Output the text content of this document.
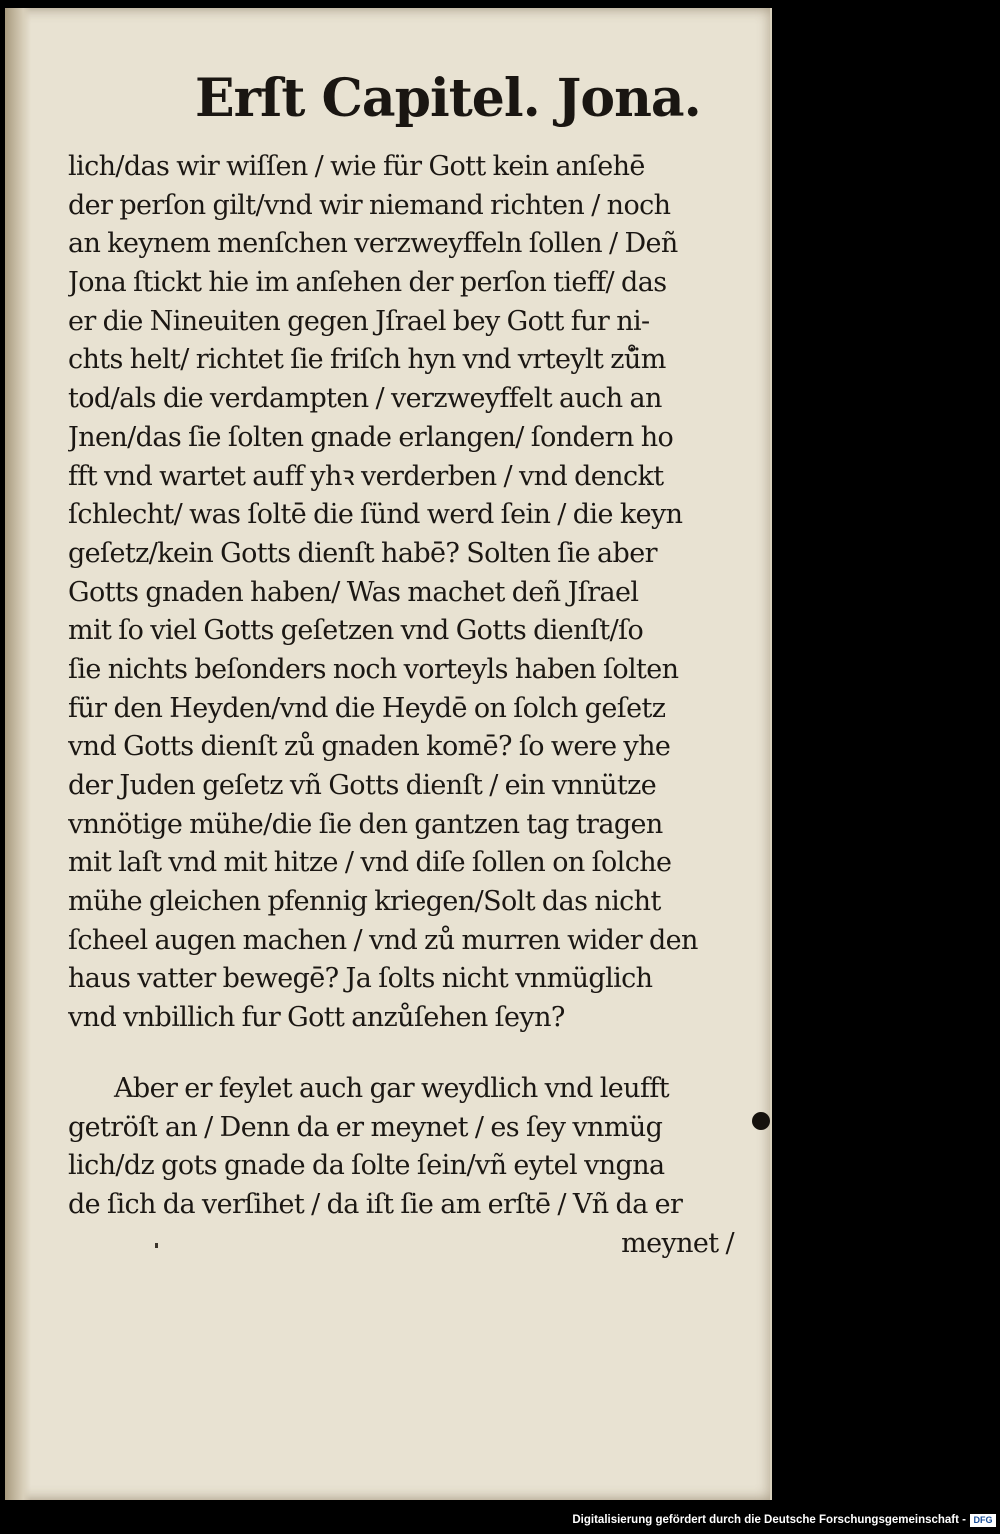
Erſt Capitel. Jona.
lich/das wir wiſſen / wie für Gott kein anſehē
der perſon gilt/vnd wir niemand richten / noch
an keynem menſchen verzweyffeln ſollen / Deñ
Jona ſtickt hie im anſehen der perſon tieff/ das
er die Nineuiten gegen Jſrael bey Gott fur ni-
chts helt/ richtet ſie friſch hyn vnd vrteylt zů̈m
tod/als die verdampten / verzweyffelt auch an
Jnen/das ſie ſolten gnade erlangen/ ſondern ho
fft vnd wartet auff yhꝛ verderben / vnd denckt
ſchlecht/ was ſoltē die ſünd werd ſein / die keyn
geſetz/kein Gotts dienſt habē? Solten ſie aber
Gotts gnaden haben/ Was machet deñ Jſrael
mit ſo viel Gotts geſetzen vnd Gotts dienſt/ſo
ſie nichts beſonders noch vorteyls haben ſolten
für den Heyden/vnd die Heydē on ſolch geſetz
vnd Gotts dienſt zů gnaden komē? ſo were yhe
der Juden geſetz vñ Gotts dienſt / ein vnnütze
vnnötige mühe/die ſie den gantzen tag tragen
mit laſt vnd mit hitze / vnd diſe ſollen on ſolche
mühe gleichen pfennig kriegen/Solt das nicht
ſcheel augen machen / vnd zů murren wider den
haus vatter bewegē? Ja ſolts nicht vnmüglich
vnd vnbillich fur Gott anzůſehen ſeyn?
Aber er feylet auch gar weydlich vnd leufft
getröſt an / Denn da er meynet / es ſey vnmüg
lich/dz gots gnade da ſolte ſein/vñ eytel vngna
de ſich da verſihet / da iſt ſie am erſtē / Vñ da er
meynet /
Digitalisierung gefördert durch die Deutsche Forschungsgemeinschaft - DFG
